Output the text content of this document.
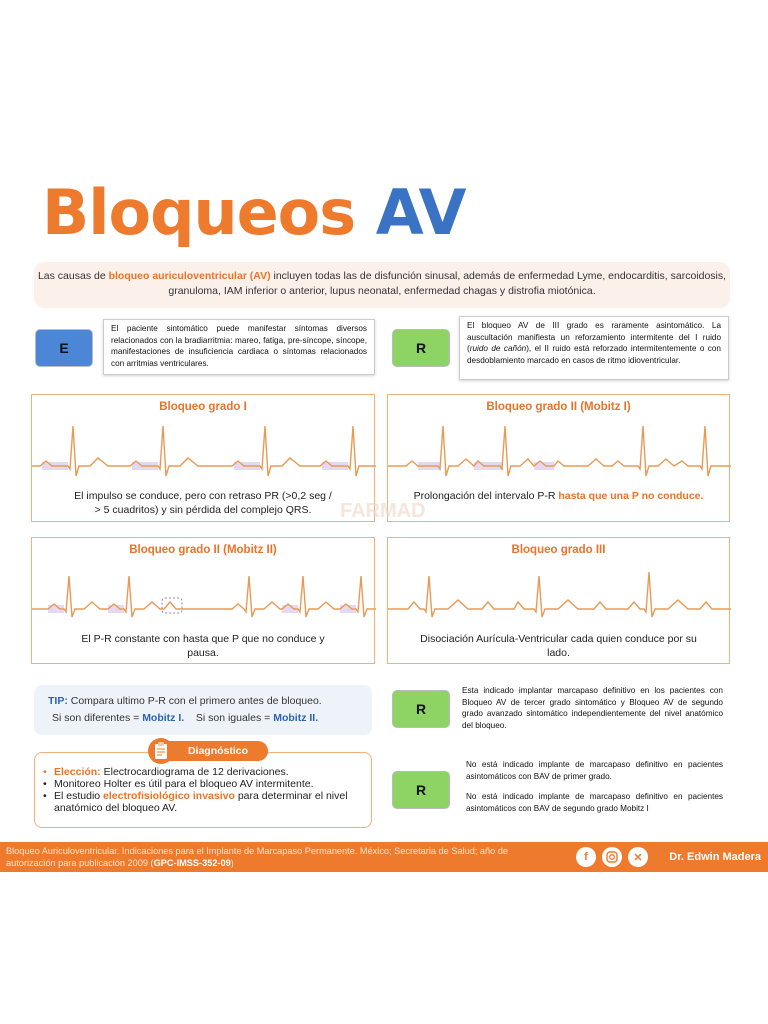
Bloqueos AV
Las causas de bloqueo auriculoventricular (AV) incluyen todas las de disfunción sinusal, además de enfermedad Lyme, endocarditis, sarcoidosis, granuloma, IAM inferior o anterior, lupus neonatal, enfermedad chagas y distrofia miotónica.
E
El paciente sintomático puede manifestar síntomas diversos relacionados con la bradiarritmia: mareo, fatiga, pre-síncope, síncope, manifestaciones de insuficiencia cardiaca o síntomas relacionados con arritmias ventriculares.
R
El bloqueo AV de III grado es raramente asintomático. La auscultación manifiesta un reforzamiento intermitente del I ruido (ruido de cañón), el II ruido está reforzado intermitentemente o con desdoblamiento marcado en casos de ritmo idioventricular.
Bloqueo grado I
El impulso se conduce, pero con retraso PR (>0,2 seg / > 5 cuadritos) y sin pérdida del complejo QRS.
Bloqueo grado II (Mobitz I)
Prolongación del intervalo P-R hasta que una P no conduce.
FARMAD
Bloqueo grado II (Mobitz II)
El P-R constante con hasta que P que no conduce y pausa.
Bloqueo grado III
Disociación Aurícula-Ventricular cada quien conduce por su lado.
TIP: Compara ultimo P-R con el primero antes de bloqueo.
Si son diferentes = Mobitz I. Si son iguales = Mobitz II.
• Elección: Electrocardiograma de 12 derivaciones.
• Monitoreo Holter es útil para el bloqueo AV intermitente.
• El estudio electrofisiológico invasivo para determinar el nivel anatómico del bloqueo AV.
Diagnóstico
R
Esta indicado implantar marcapaso definitivo en los pacientes con Bloqueo AV de tercer grado sintomático y Bloqueo AV de segundo grado avanzado sintomático independientemente del nivel anatómico del bloqueo.
R
No está indicado implante de marcapaso definitivo en pacientes asintomáticos con BAV de primer grado.
No está indicado implante de marcapaso definitivo en pacientes asintomáticos con BAV de segundo grado Mobitz I
Bloqueo Auriculoventricular. Indicaciones para el Implante de Marcapaso Permanente. México; Secretaria de Salud; año de autorización para publicación 2009 (GPC-IMSS-352-09)	f	✕	Dr. Edwin Madera
